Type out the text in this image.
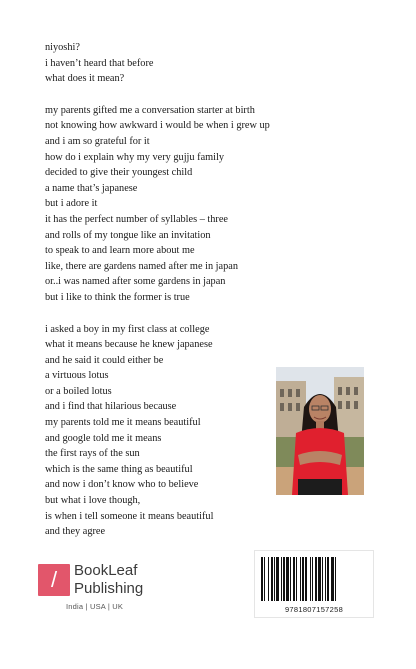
niyoshi?
i haven’t heard that before
what does it mean?
my parents gifted me a conversation starter at birth
not knowing how awkward i would be when i grew up
and i am so grateful for it
how do i explain why my very gujju family
decided to give their youngest child
a name that’s japanese
but i adore it
it has the perfect number of syllables – three
and rolls of my tongue like an invitation
to speak to and learn more about me
like, there are gardens named after me in japan
or..i was named after some gardens in japan
but i like to think the former is true
i asked a boy in my first class at college
what it means because he knew japanese
and he said it could either be
a virtuous lotus
or a boiled lotus
and i find that hilarious because
my parents told me it means beautiful
and google told me it means
the first rays of the sun
which is the same thing as beautiful
and now i don’t know who to believe
but what i love though,
is when i tell someone it means beautiful
and they agree
/	BookLeaf
Publishing
India | USA | UK	9781807157258
